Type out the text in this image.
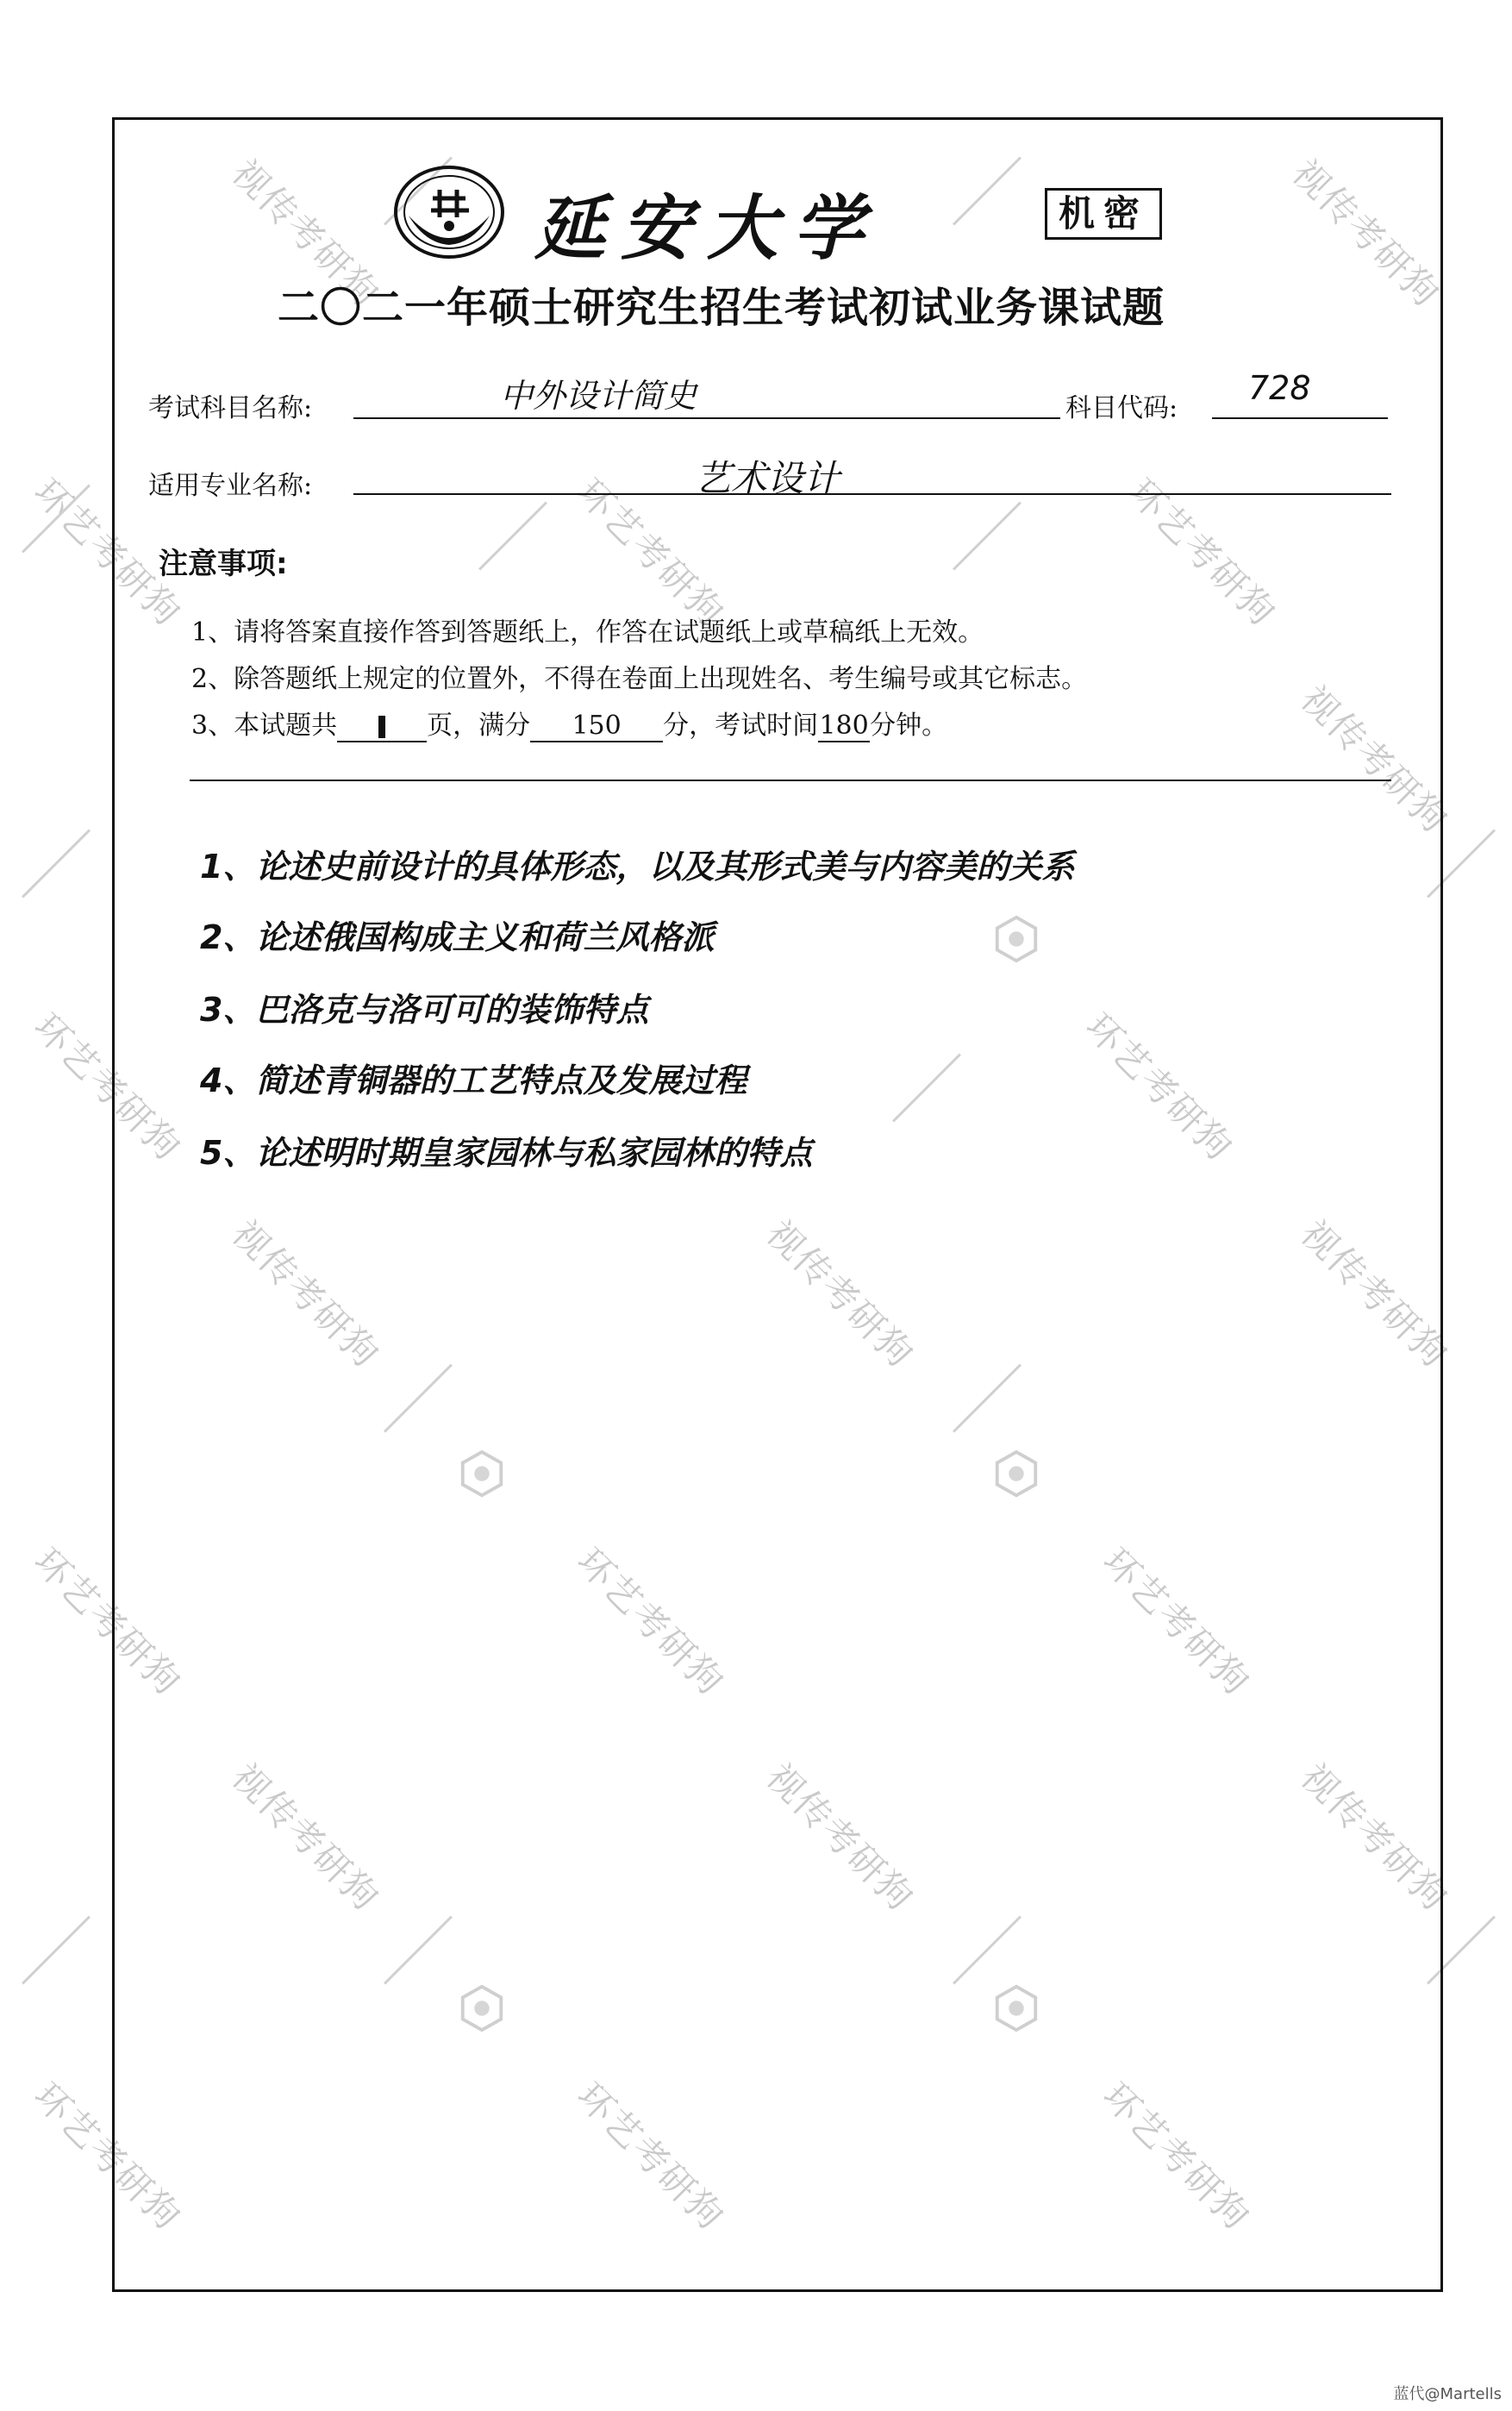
视传考研狗	视传考研狗
环艺考研狗	环艺考研狗	环艺考研狗
视传考研狗
环艺考研狗	环艺考研狗
视传考研狗	视传考研狗	视传考研狗
环艺考研狗	环艺考研狗	环艺考研狗
视传考研狗	视传考研狗	视传考研狗
环艺考研狗	环艺考研狗	环艺考研狗
延安大学	机密
二〇二一年硕士研究生招生考试初试业务课试题
考试科目名称:	中外设计简史	科目代码:
728
适用专业名称:	艺术设计
注意事项:
1、请将答案直接作答到答题纸上，作答在试题纸上或草稿纸上无效。
2、除答题纸上规定的位置外，不得在卷面上出现姓名、考生编号或其它标志。
3、本试题共	页，满分 150 分，考试时间180分钟。
1、论述史前设计的具体形态，以及其形式美与内容美的关系
2、论述俄国构成主义和荷兰风格派
3、巴洛克与洛可可的装饰特点
4、简述青铜器的工艺特点及发展过程
5、论述明时期皇家园林与私家园林的特点
蓝代@Martells
